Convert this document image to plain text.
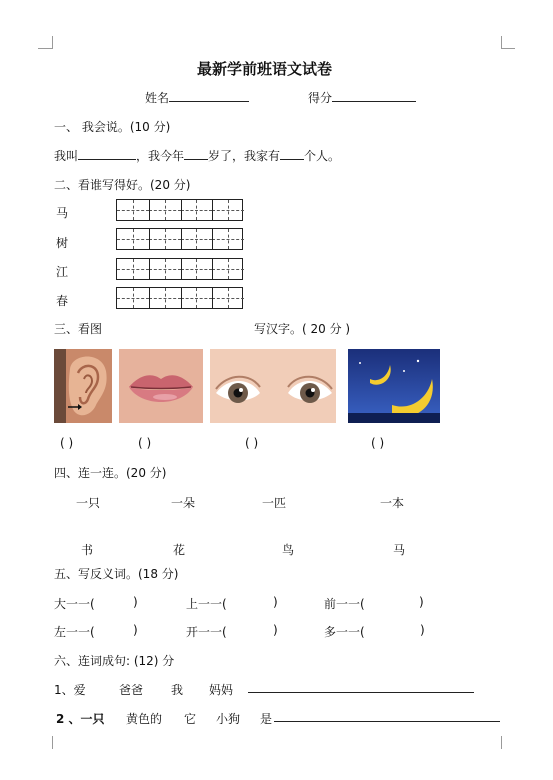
最新学前班语文试卷
姓名	得分
一、 我会说。(10 分)
我叫	，我今年 岁了，我家有 个人。
二、看谁写得好。(20 分)
马
树
江
春
三、看图	写汉字。( 20 分 )
( )	( )	( )	( )
四、连一连。(20 分)
一只	一朵	一匹	一本
书	花	鸟	马
五、写反义词。(18 分)
大一一(	)	上一一(	)	前一一(	)
左一一(	)	开一一(	)	多一一(	)
六、连词成句: (12) 分
1、爱	爸爸 我 妈妈
2 、一只 黄色的 它 小狗 是
